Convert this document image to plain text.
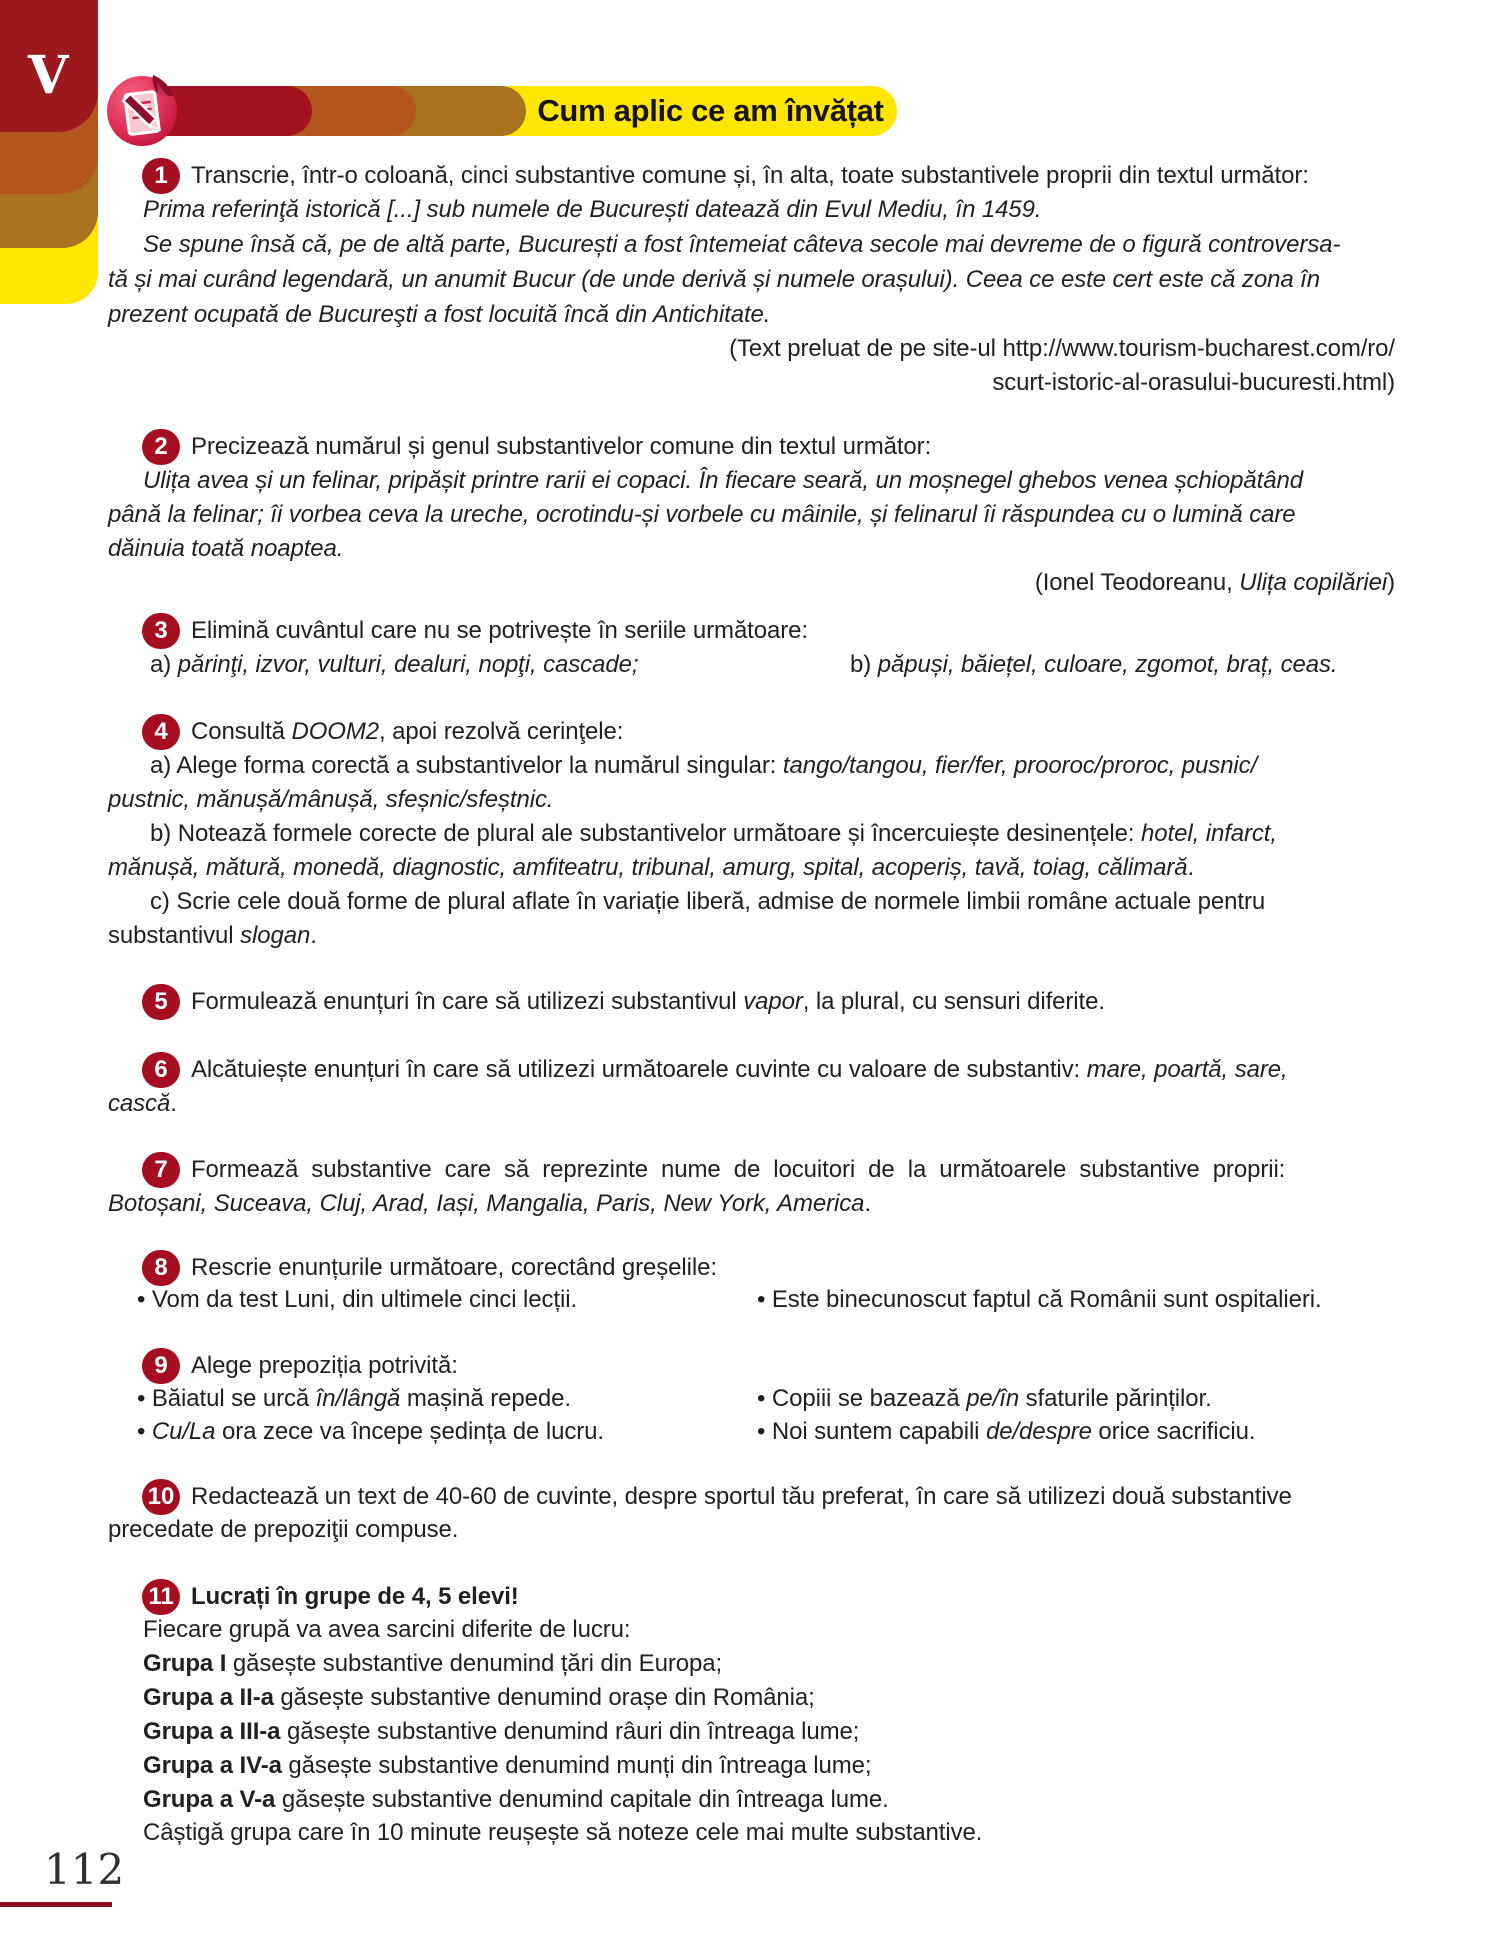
V
Cum aplic ce am învățat
1 Transcrie, într-o coloană, cinci substantive comune și, în alta, toate substantivele proprii din textul următor:
Prima referinţă istorică [...] sub numele de București datează din Evul Mediu, în 1459.
Se spune însă că, pe de altă parte, București a fost întemeiat câteva secole mai devreme de o figură controversa-
tă și mai curând legendară, un anumit Bucur (de unde derivă și numele orașului). Ceea ce este cert este că zona în
prezent ocupată de Bucureşti a fost locuită încă din Antichitate.
(Text preluat de pe site-ul http://www.tourism-bucharest.com/ro/
scurt-istoric-al-orasului-bucuresti.html)
2 Precizează numărul și genul substantivelor comune din textul următor:
Ulița avea și un felinar, pripășit printre rarii ei copaci. În fiecare seară, un moșnegel ghebos venea șchiopătând
până la felinar; îi vorbea ceva la ureche, ocrotindu-și vorbele cu mâinile, și felinarul îi răspundea cu o lumină care
dăinuia toată noaptea.
(Ionel Teodoreanu, Ulița copilăriei)
3 Elimină cuvântul care nu se potrivește în seriile următoare:
a) părinţi, izvor, vulturi, dealuri, nopţi, cascade;	b) păpuși, băiețel, culoare, zgomot, braț, ceas.
4 Consultă DOOM2, apoi rezolvă cerinţele:
a) Alege forma corectă a substantivelor la numărul singular: tango/tangou, fier/fer, prooroc/proroc, pusnic/
pustnic, mănușă/mânușă, sfeșnic/sfeștnic.
b) Notează formele corecte de plural ale substantivelor următoare și încercuiește desinențele: hotel, infarct,
mănușă, mătură, monedă, diagnostic, amfiteatru, tribunal, amurg, spital, acoperiș, tavă, toiag, călimară.
c) Scrie cele două forme de plural aflate în variație liberă, admise de normele limbii române actuale pentru
substantivul slogan.
5 Formulează enunțuri în care să utilizezi substantivul vapor, la plural, cu sensuri diferite.
6 Alcătuiește enunțuri în care să utilizezi următoarele cuvinte cu valoare de substantiv: mare, poartă, sare,
cască.
7 Formează substantive care să reprezinte nume de locuitori de la următoarele substantive proprii:
Botoșani, Suceava, Cluj, Arad, Iași, Mangalia, Paris, New York, America.
8 Rescrie enunțurile următoare, corectând greșelile:
• Vom da test Luni, din ultimele cinci lecții.	• Este binecunoscut faptul că Românii sunt ospitalieri.
9 Alege prepoziția potrivită:
• Băiatul se urcă în/lângă mașină repede.	• Copiii se bazează pe/în sfaturile părinților.
• Cu/La ora zece va începe ședința de lucru.	• Noi suntem capabili de/despre orice sacrificiu.
10 Redactează un text de 40-60 de cuvinte, despre sportul tău preferat, în care să utilizezi două substantive
precedate de prepoziţii compuse.
11 Lucrați în grupe de 4, 5 elevi!
Fiecare grupă va avea sarcini diferite de lucru:
Grupa I găsește substantive denumind țări din Europa;
Grupa a II-a găsește substantive denumind orașe din România;
Grupa a III-a găsește substantive denumind râuri din întreaga lume;
Grupa a IV-a găsește substantive denumind munți din întreaga lume;
Grupa a V-a găsește substantive denumind capitale din întreaga lume.
Câștigă grupa care în 10 minute reușește să noteze cele mai multe substantive.
112
